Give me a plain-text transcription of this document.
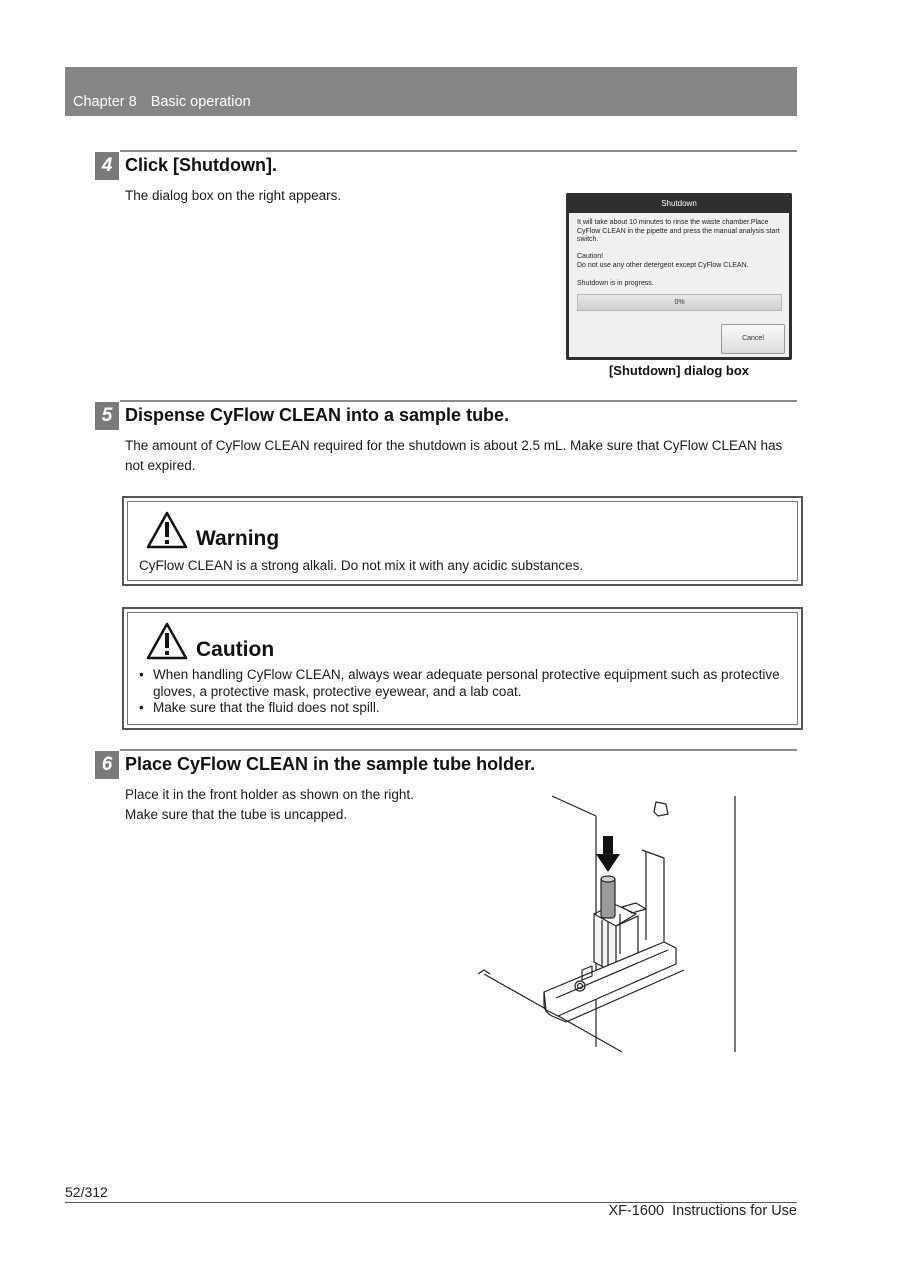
Chapter 8 Basic operation
4 Click [Shutdown].
The dialog box on the right appears.
Shutdown
It will take about 10 minutes to rinse the waste chamber.Place CyFlow CLEAN in the pipette and press the manual analysis start switch.
Caution!
Do not use any other detergent except CyFlow CLEAN.
Shutdown is in progress.
0%
Cancel
[Shutdown] dialog box
5 Dispense CyFlow CLEAN into a sample tube.
The amount of CyFlow CLEAN required for the shutdown is about 2.5 mL. Make sure that CyFlow CLEAN has
not expired.
Warning
CyFlow CLEAN is a strong alkali. Do not mix it with any acidic substances.
Caution
• When handling CyFlow CLEAN, always wear adequate personal protective equipment such as protective gloves, a protective mask, protective eyewear, and a lab coat.
• Make sure that the fluid does not spill.
6 Place CyFlow CLEAN in the sample tube holder.
Place it in the front holder as shown on the right.
Make sure that the tube is uncapped.
52/312
XF-1600 Instructions for Use
